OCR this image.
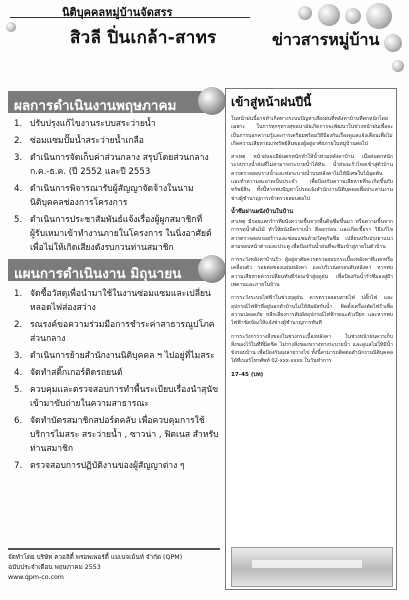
นิติบุคคลหมู่บ้านจัดสรร
สิวลี ปิ่นเกล้า-สาทร	ข่าวสารหมู่บ้าน
ผลการดำเนินงานพฤษภาคม
1. ปรับปรุงแก้ไขงานระบบสระว่ายน้ำ
2. ซ่อมแซมปั๊มน้ำสระว่ายน้ำเกลือ
3. ดำเนินการจัดเก็บค่าส่วนกลาง สรุปโดยส่วนกลาง ก.ค.-ธ.ค. (ปี 2552 และปี 2553
4. ดำเนินการพิจารณารับผู้สัญญาจัดจ้างในนามนิติบุคคลช่องการโครงการ
5. ดำเนินการประชาสัมพันธ์แจ้งเรื่องผู้ผูกสมาชิกที่ ผู้รับเหมาเข้าทำงานภายในโครงการ ในนิ่งอาศัยต์ เพื่อไม่ให้เกิดเสียงดังรบกวนท่านสมาชิก
แผนการดำเนินงาน มิถุนายน
1. จัดซื้อวัสดุเพื่อนำมาใช้ในงานซ่อมแซมและเปลี่ยนหลอดไฟส่องสว่าง
2. รณรงค์ขอความร่วมมือการชำระค่าสาธารณูปโภคส่วนกลาง
3. ดำเนินการย้ายสำนักงานนิติบุคคล ฯ ไปอยู่ที่ไมสระ
4. จัดทำสติ๊กเกอร์ติดรถยนต์
5. ควบคุมและตรวจสอบการทำพื้นระเบียบเรื่องนำสุนัขเข้ามาขับถ่ายในความสาธารณะ
6. จัดทำบัตรสมาชิกสปอร์ตคลับ เพื่อควบคุมการใช้บริการไมสระ สระว่ายน้ำ , ซาวน่า , ฟิตเนส สำหรับท่านสมาชิก
7. ตรวจสอบการปฏิบัติงานของผู้สัญญาต่าง ๆ
จัดทำโดย บริษัท ควอลิตี้ พรอพเพอร์ตี้ แมเนจเม้นท์ จำกัด (QPM)
ฉบับประจำเดือน พฤษภาคม 2553
www.qpm-co.com
เข้าสู่หน้าฝนปีนี้

ในหน้าฝนนี้อาจทำเกิดทางระบบปัญหาเสียงฝนที่หลังคาบ้านที่ตกหนักโดยเฉพาะ ในการทุกๆทางสุขอนามัยเกิดการจะพัฒนาในช่วงหน้าฝนเพื่อจะเป็นการบอกความรู้และการเตรียมพร้อมวิธีป้องกันเรื่องดูแลแจ้งเตือนเพื่อไม่เกิดความเสียหายแก่ทรัพย์สินของผู้อยู่อาศัยภายในหมู่บ้านต่อไป

สาเหตุ หน้าฝนจะมีฝนตกหนักทำให้น้ำท่วมหลังคาบ้าน เมื่อฝนตกหนัก ระบบรางน้ำฝนที่ไม่สามารถระบายน้ำได้ทัน น้ำฝนจะรั่วไหลเข้าสู่ตัวบ้าน ควรตรวจสอบรางน้ำและท่อระบายน้ำบนหลังคาไม่ให้มีเศษใบไม้อุดตัน และทำความสะอาดเป็นประจำ เพื่อป้องกันความเสียหายที่จะเกิดขึ้นกับทรัพย์สิน ทั้งนี้หากพบปัญหาโปรดแจ้งสำนักงานนิติบุคคลเพื่อประสานงานช่างผู้ชำนาญการเข้าตรวจสอบต่อไป

น้ำซึมผ่านผนังบ้านในบ้าน

สาเหตุ มีรอยแตกร้าวที่ผนังความชื้นจากพื้นดินซึมขึ้นมา หรือความชื้นจากการรดน้ำต้นไม้ ทำให้ผนังมีคราบน้ำ สีลอกร่อน และเกิดเชื้อรา วิธีแก้ไข ควรตรวจสอบรอยร้าวและซ่อมแซมด้วยวัสดุกันซึม เปลี่ยนปรับปรุงยาแนวตามขอบหน้าต่างและประตู เพื่อป้องกันน้ำฝนที่จะซึมเข้าสู่ภายในตัวบ้าน

การระวังหลังคาบ้านรั่ว ผู้อยู่อาศัยควรตรวจสอบกระเบื้องหลังคาที่แตกหรือเคลื่อนตัว รอยต่อของแผ่นหลังคา และบริเวณครอบสันหลังคา หากพบความเสียหายควรเปลี่ยนทันทีก่อนเข้าสู่ฤดูฝน เพื่อป้องกันน้ำรั่วซึมลงสู่ฝ้าเพดานและภายในบ้าน

การระวังระบบไฟฟ้าในช่วงฤดูฝน ควรตรวจสอบสายไฟ ปลั๊กไฟ และอุปกรณ์ไฟฟ้าที่อยู่นอกตัวบ้านไม่ให้สัมผัสกับน้ำ ติดตั้งเครื่องตัดไฟรั่วเพื่อความปลอดภัย หลีกเลี่ยงการสัมผัสอุปกรณ์ไฟฟ้าขณะตัวเปียก และหากพบไฟฟ้าขัดข้องให้แจ้งช่างผู้ชำนาญการทันที

การระวังการวางสิ่งของในช่วงกระเบื้องหลังคา ในช่วงหน้าฝนควรเก็บสิ่งของไว้ในที่ที่มิดชิด ไม่วางสิ่งของขวางทางระบายน้ำ และดูแลไม่ให้มีน้ำขังรอบบ้าน เพื่อป้องกันยุงลายวางไข่ ทั้งนี้สามารถติดต่อสำนักงานนิติบุคคลได้ที่เบอร์โทรศัพท์ 02-xxx-xxxx ในวันทำการ

17-45 (บท)
